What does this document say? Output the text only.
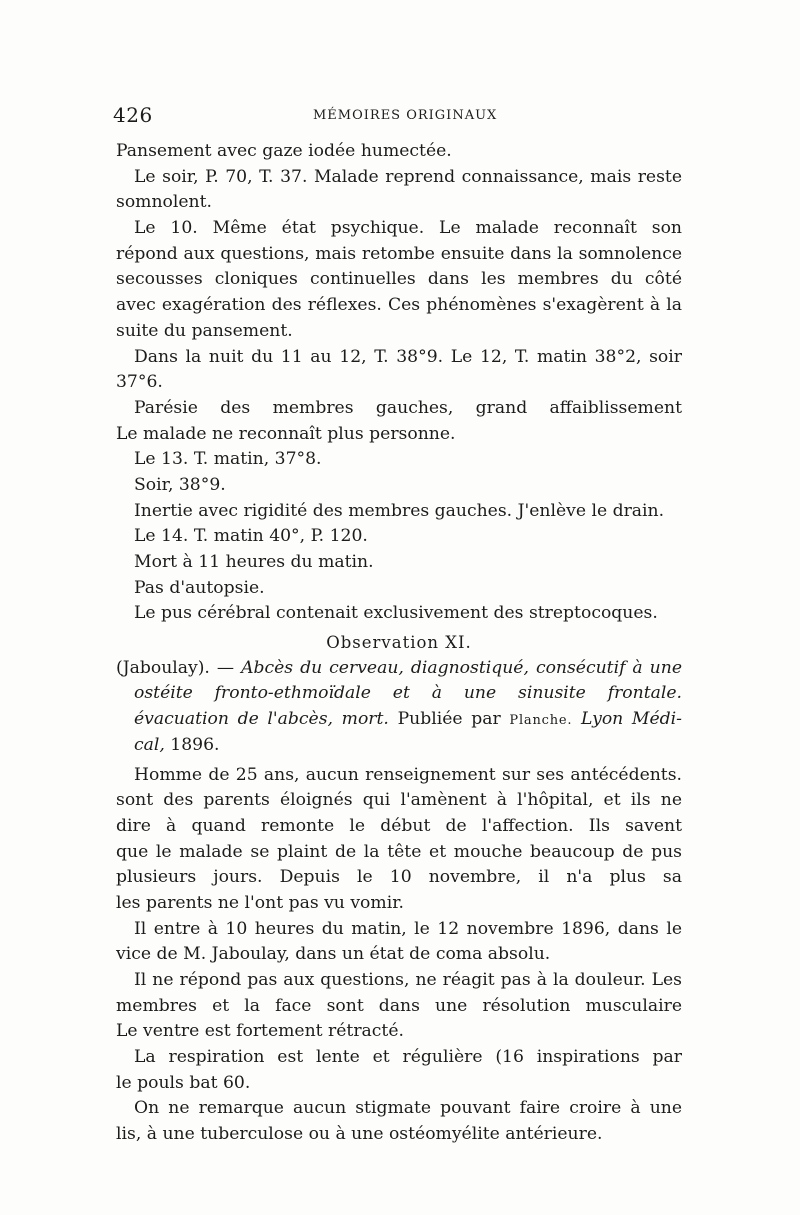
426	MÉMOIRES ORIGINAUX
Pansement avec gaze iodée humectée.
Le soir, P. 70, T. 37. Malade reprend connaissance, mais reste
somnolent.
Le 10. Même état psychique. Le malade reconnaît son
répond aux questions, mais retombe ensuite dans la somnolence
secousses cloniques continuelles dans les membres du côté
avec exagération des réflexes. Ces phénomènes s'exagèrent à la
suite du pansement.
Dans la nuit du 11 au 12, T. 38°9. Le 12, T. matin 38°2, soir
37°6.
Parésie des membres gauches, grand affaiblissement
Le malade ne reconnaît plus personne.
Le 13. T. matin, 37°8.
Soir, 38°9.
Inertie avec rigidité des membres gauches. J'enlève le drain.
Le 14. T. matin 40°, P. 120.
Mort à 11 heures du matin.
Pas d'autopsie.
Le pus cérébral contenait exclusivement des streptocoques.
Observation XI.
(Jaboulay). — Abcès du cerveau, diagnostiqué, consécutif à une
ostéite fronto-ethmoïdale et à une sinusite frontale.
évacuation de l'abcès, mort. Publiée par Planche. Lyon Médi-
cal, 1896.
Homme de 25 ans, aucun renseignement sur ses antécédents.
sont des parents éloignés qui l'amènent à l'hôpital, et ils ne
dire à quand remonte le début de l'affection. Ils savent
que le malade se plaint de la tête et mouche beaucoup de pus
plusieurs jours. Depuis le 10 novembre, il n'a plus sa
les parents ne l'ont pas vu vomir.
Il entre à 10 heures du matin, le 12 novembre 1896, dans le
vice de M. Jaboulay, dans un état de coma absolu.
Il ne répond pas aux questions, ne réagit pas à la douleur. Les
membres et la face sont dans une résolution musculaire
Le ventre est fortement rétracté.
La respiration est lente et régulière (16 inspirations par
le pouls bat 60.
On ne remarque aucun stigmate pouvant faire croire à une
lis, à une tuberculose ou à une ostéomyélite antérieure.
